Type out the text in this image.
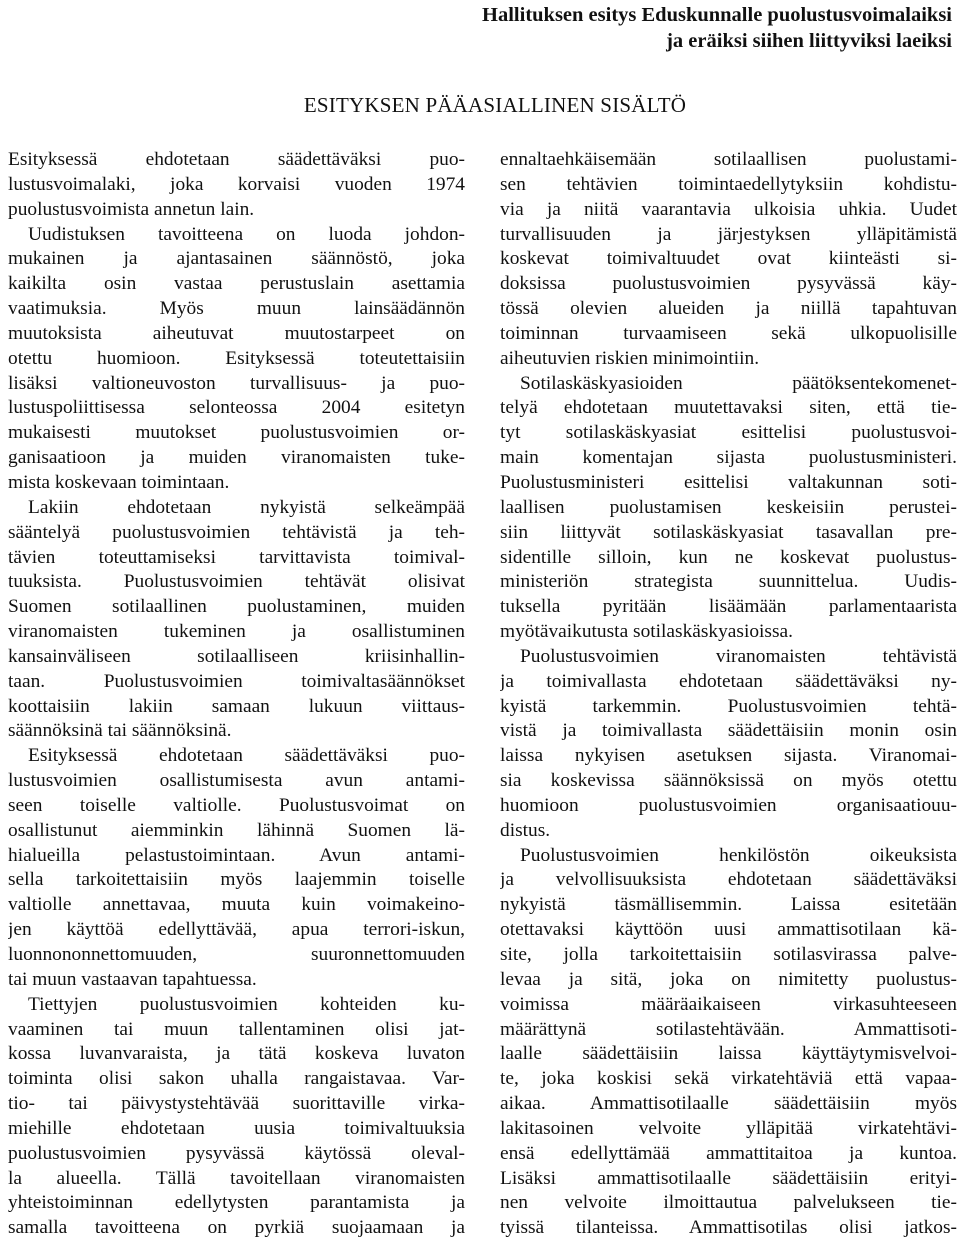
Hallituksen esitys Eduskunnalle puolustusvoimalaiksi
ja eräiksi siihen liittyviksi laeiksi
ESITYKSEN PÄÄASIALLINEN SISÄLTÖ
Esityksessä ehdotetaan säädettäväksi puo-
lustusvoimalaki, joka korvaisi vuoden 1974
puolustusvoimista annetun lain.
Uudistuksen tavoitteena on luoda johdon-
mukainen ja ajantasainen säännöstö, joka
kaikilta osin vastaa perustuslain asettamia
vaatimuksia. Myös muun lainsäädännön
muutoksista aiheutuvat muutostarpeet on
otettu huomioon. Esityksessä toteutettaisiin
lisäksi valtioneuvoston turvallisuus- ja puo-
lustuspoliittisessa selonteossa 2004 esitetyn
mukaisesti muutokset puolustusvoimien or-
ganisaatioon ja muiden viranomaisten tuke-
mista koskevaan toimintaan.
Lakiin ehdotetaan nykyistä selkeämpää
sääntelyä puolustusvoimien tehtävistä ja teh-
tävien toteuttamiseksi tarvittavista toimival-
tuuksista. Puolustusvoimien tehtävät olisivat
Suomen sotilaallinen puolustaminen, muiden
viranomaisten tukeminen ja osallistuminen
kansainväliseen sotilaalliseen kriisinhallin-
taan. Puolustusvoimien toimivaltasäännökset
koottaisiin lakiin samaan lukuun viittaus-
säännöksinä tai säännöksinä.
Esityksessä ehdotetaan säädettäväksi puo-
lustusvoimien osallistumisesta avun antami-
seen toiselle valtiolle. Puolustusvoimat on
osallistunut aiemminkin lähinnä Suomen lä-
hialueilla pelastustoimintaan. Avun antami-
sella tarkoitettaisiin myös laajemmin toiselle
valtiolle annettavaa, muuta kuin voimakeino-
jen käyttöä edellyttävää, apua terrori-iskun,
luonnononnettomuuden, suuronnettomuuden
tai muun vastaavan tapahtuessa.
Tiettyjen puolustusvoimien kohteiden ku-
vaaminen tai muun tallentaminen olisi jat-
kossa luvanvaraista, ja tätä koskeva luvaton
toiminta olisi sakon uhalla rangaistavaa. Var-
tio- tai päivystystehtävää suorittaville virka-
miehille ehdotetaan uusia toimivaltuuksia
puolustusvoimien pysyvässä käytössä oleval-
la alueella. Tällä tavoitellaan viranomaisten
yhteistoiminnan edellytysten parantamista ja
samalla tavoitteena on pyrkiä suojaamaan ja
ennaltaehkäisemään sotilaallisen puolustami-
sen tehtävien toimintaedellytyksiin kohdistu-
via ja niitä vaarantavia ulkoisia uhkia. Uudet
turvallisuuden ja järjestyksen ylläpitämistä
koskevat toimivaltuudet ovat kiinteästi si-
doksissa puolustusvoimien pysyvässä käy-
tössä olevien alueiden ja niillä tapahtuvan
toiminnan turvaamiseen sekä ulkopuolisille
aiheutuvien riskien minimointiin.
Sotilaskäskyasioiden päätöksentekomenet-
telyä ehdotetaan muutettavaksi siten, että tie-
tyt sotilaskäskyasiat esittelisi puolustusvoi-
main komentajan sijasta puolustusministeri.
Puolustusministeri esittelisi valtakunnan soti-
laallisen puolustamisen keskeisiin perustei-
siin liittyvät sotilaskäskyasiat tasavallan pre-
sidentille silloin, kun ne koskevat puolustus-
ministeriön strategista suunnittelua. Uudis-
tuksella pyritään lisäämään parlamentaarista
myötävaikutusta sotilaskäskyasioissa.
Puolustusvoimien viranomaisten tehtävistä
ja toimivallasta ehdotetaan säädettäväksi ny-
kyistä tarkemmin. Puolustusvoimien tehtä-
vistä ja toimivallasta säädettäisiin monin osin
laissa nykyisen asetuksen sijasta. Viranomai-
sia koskevissa säännöksissä on myös otettu
huomioon puolustusvoimien organisaatiouu-
distus.
Puolustusvoimien henkilöstön oikeuksista
ja velvollisuuksista ehdotetaan säädettäväksi
nykyistä täsmällisemmin. Laissa esitetään
otettavaksi käyttöön uusi ammattisotilaan kä-
site, jolla tarkoitettaisiin sotilasvirassa palve-
levaa ja sitä, joka on nimitetty puolustus-
voimissa määräaikaiseen virkasuhteeseen
määrättynä sotilastehtävään. Ammattisoti-
laalle säädettäisiin laissa käyttäytymisvelvoi-
te, joka koskisi sekä virkatehtäviä että vapaa-
aikaa. Ammattisotilaalle säädettäisiin myös
lakitasoinen velvoite ylläpitää virkatehtävi-
ensä edellyttämää ammattitaitoa ja kuntoa.
Lisäksi ammattisotilaalle säädettäisiin erityi-
nen velvoite ilmoittautua palvelukseen tie-
tyissä tilanteissa. Ammattisotilas olisi jatkos-
